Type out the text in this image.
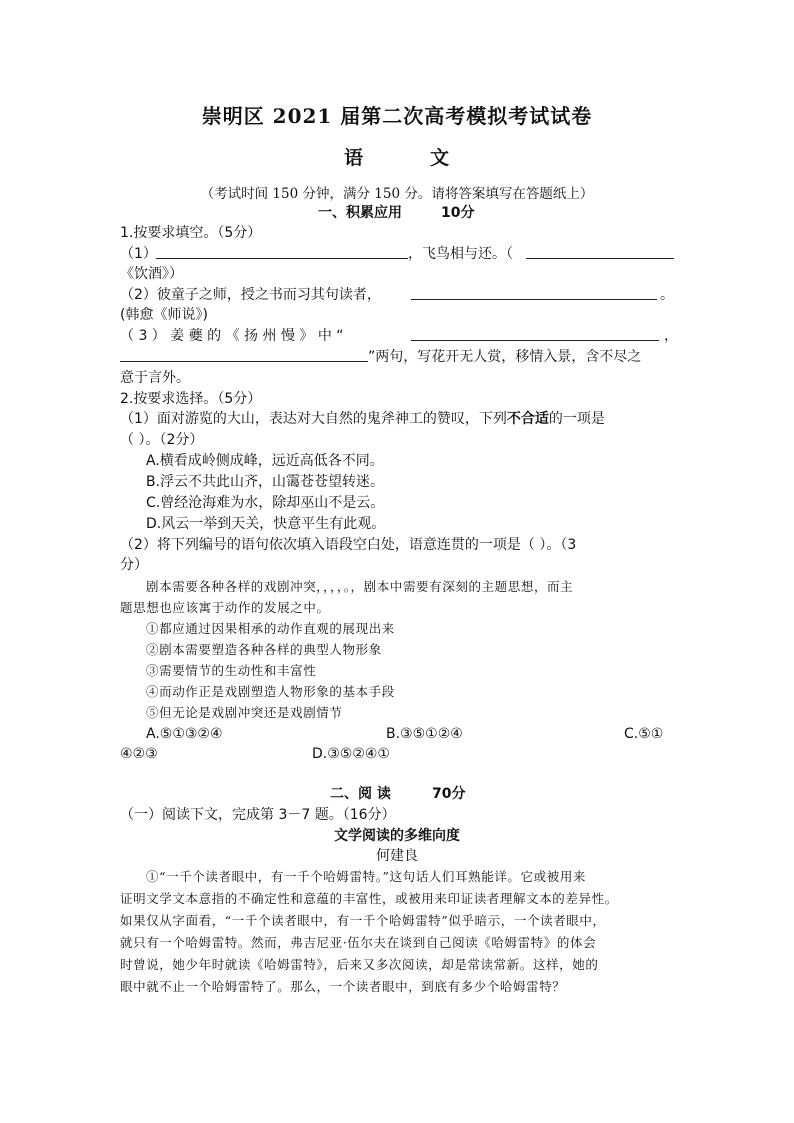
崇明区 2021 届第二次高考模拟考试试卷
语	文
（考试时间 150 分钟，满分 150 分。请将答案填写在答题纸上）
一、积累应用	10分
1.按要求填空。（5分）
（1）	，飞鸟相与还。（
《饮酒》）
（2）彼童子之师，授之书而习其句读者，	。
(韩愈《师说》)
（ 3 ） 姜 夔 的 《 扬 州 慢 》 中 “	，
”两句，写花开无人赏，移情入景，含不尽之
意于言外。
2.按要求选择。（5分）
（1）面对游览的大山，表达对大自然的鬼斧神工的赞叹，下列不合适的一项是
（ ）。（2分）
A.横看成岭侧成峰，远近高低各不同。
B.浮云不共此山齐，山霭苍苍望转迷。
C.曾经沧海难为水，除却巫山不是云。
D.风云一举到天关，快意平生有此观。
（2）将下列编号的语句依次填入语段空白处，语意连贯的一项是（ ）。（3
分）
剧本需要各种各样的戏剧冲突，，，，。，剧本中需要有深刻的主题思想，而主
题思想也应该寓于动作的发展之中。
①都应通过因果相承的动作直观的展现出来
②剧本需要塑造各种各样的典型人物形象
③需要情节的生动性和丰富性
④而动作正是戏剧塑造人物形象的基本手段
⑤但无论是戏剧冲突还是戏剧情节
A.⑤①③②④	B.③⑤①②④	C.⑤①
④②③	D.③⑤②④①
二、阅 读	70分
（一）阅读下文，完成第 3－7 题。（16分）
文学阅读的多维向度
何建良
①“一千个读者眼中，有一千个哈姆雷特。”这句话人们耳熟能详。它或被用来
证明文学文本意指的不确定性和意蕴的丰富性，或被用来印证读者理解文本的差异性。
如果仅从字面看，“一千个读者眼中，有一千个哈姆雷特”似乎暗示，一个读者眼中，
就只有一个哈姆雷特。然而，弗吉尼亚·伍尔夫在谈到自己阅读《哈姆雷特》的体会
时曾说，她少年时就读《哈姆雷特》，后来又多次阅读，却是常读常新。这样，她的
眼中就不止一个哈姆雷特了。那么，一个读者眼中，到底有多少个哈姆雷特？
